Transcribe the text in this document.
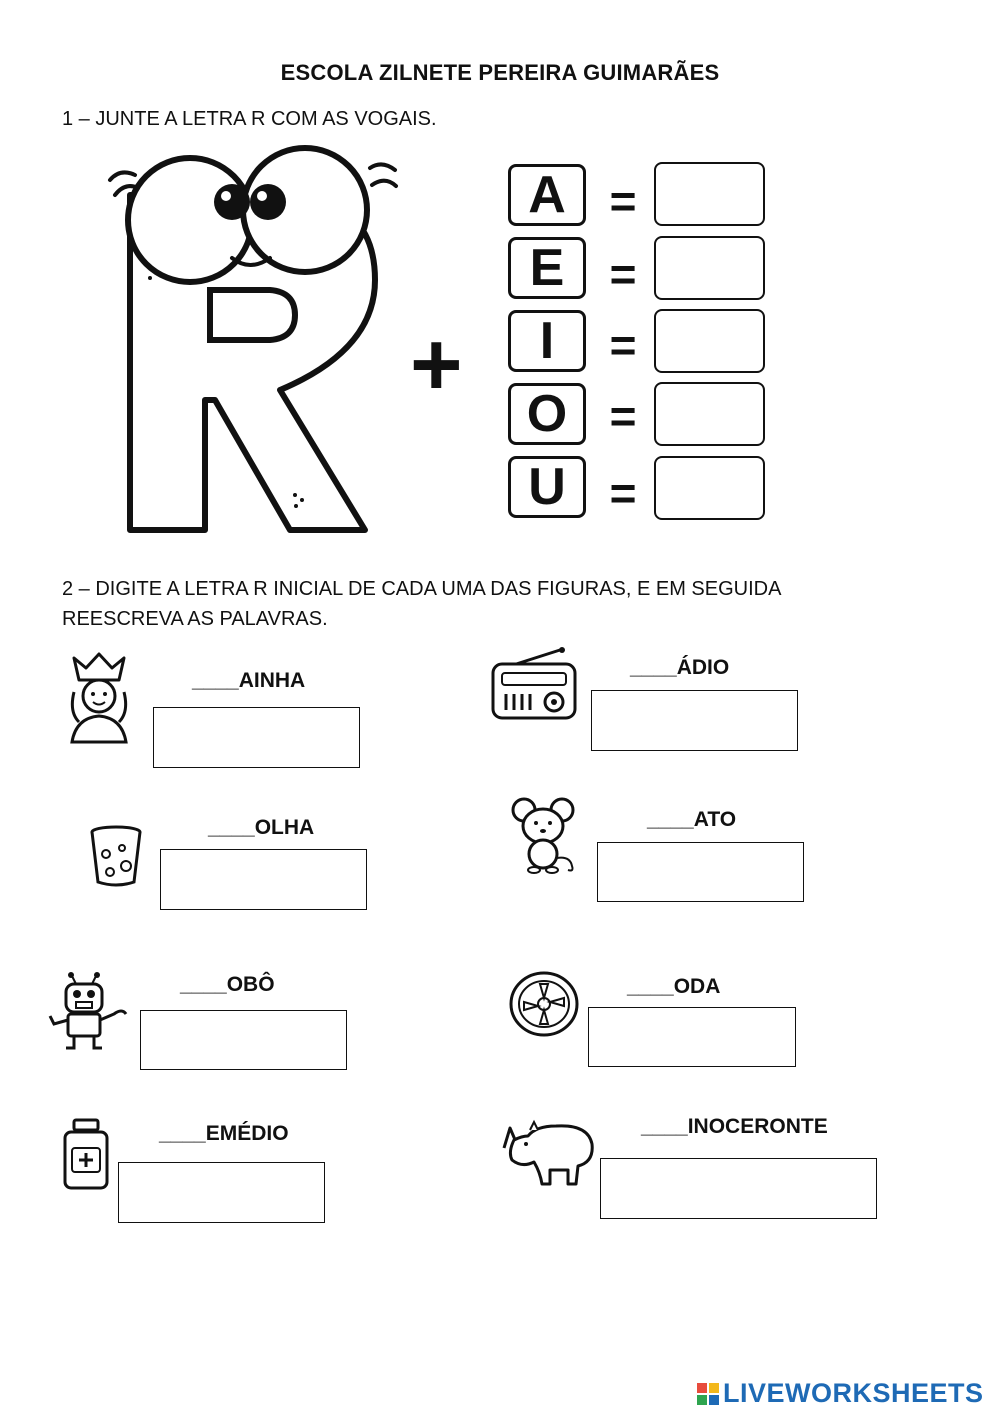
ESCOLA ZILNETE PEREIRA GUIMARÃES
1 – JUNTE A LETRA R COM AS VOGAIS.
+
A =
E =
I	=
O =
U =
2 – DIGITE A LETRA R INICIAL DE CADA UMA DAS FIGURAS, E EM SEGUIDA
REESCREVA AS PALAVRAS.
____AINHA
____ÁDIO
____OLHA	____ATO
____OBÔ	____ODA
____EMÉDIO	____INOCERONTE
LIVEWORKSHEETS
